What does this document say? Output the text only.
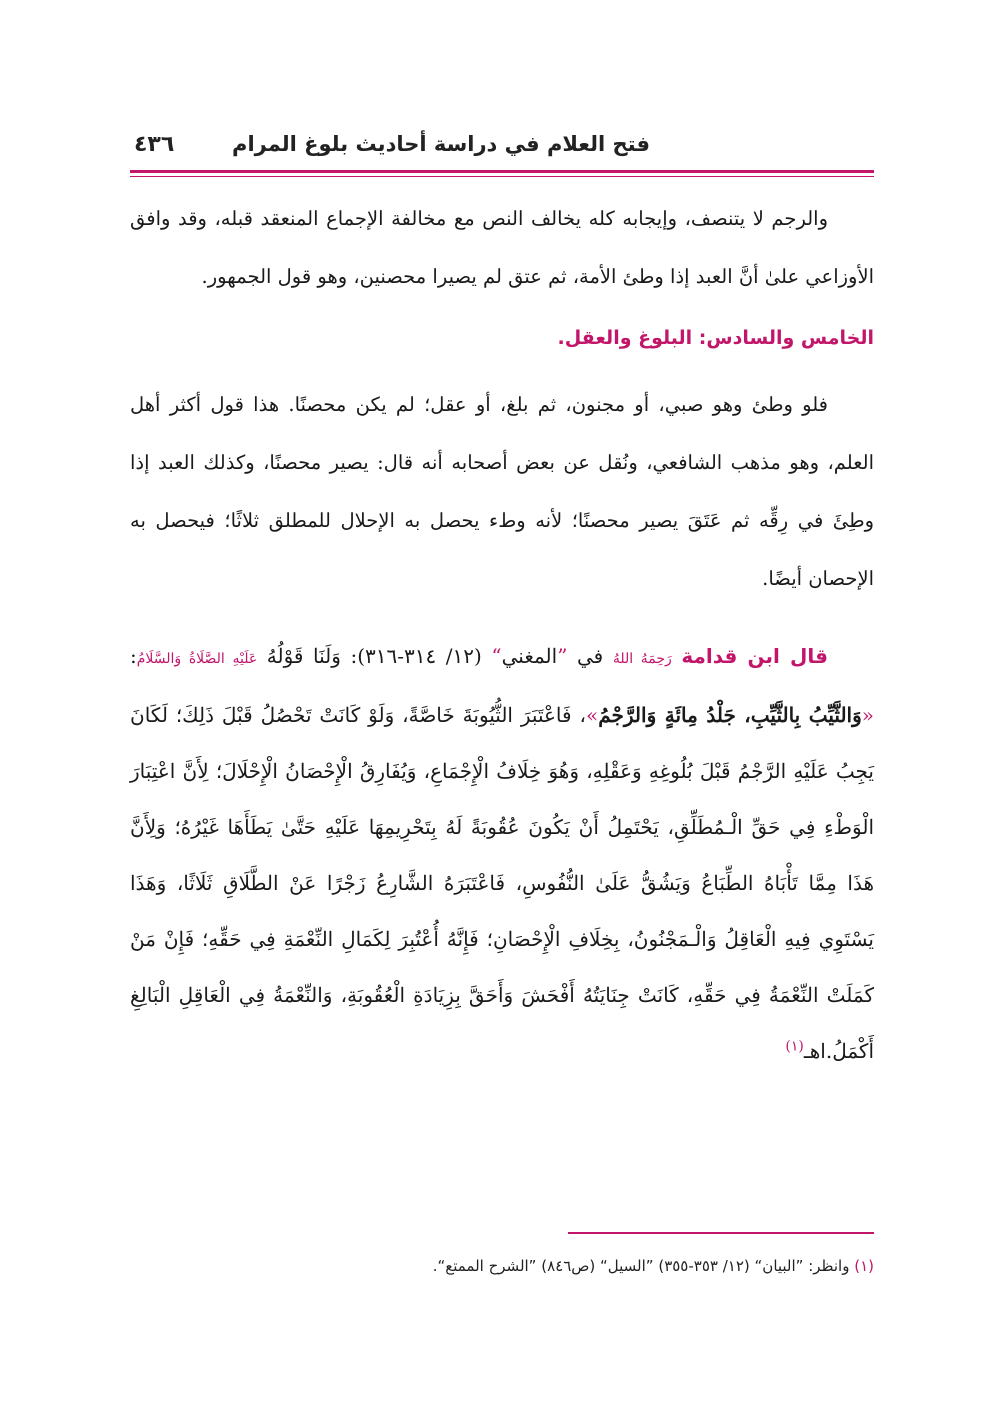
فتح العلام في دراسة أحاديث بلوغ المرام
٤٣٦

والرجم لا يتنصف، وإيجابه كله يخالف النص مع مخالفة الإجماع المنعقد قبله، وقد وافق الأوزاعي علىٰ أنَّ العبد إذا وطئ الأمة، ثم عتق لم يصيرا محصنين، وهو قول الجمهور.

الخامس والسادس: البلوغ والعقل.

فلو وطئ وهو صبي، أو مجنون، ثم بلغ، أو عقل؛ لم يكن محصنًا. هذا قول أكثر أهل العلم، وهو مذهب الشافعي، ونُقل عن بعض أصحابه أنه قال: يصير محصنًا، وكذلك العبد إذا وطِئَ في رِقِّه ثم عَتَقَ يصير محصنًا؛ لأنه وطء يحصل به الإحلال للمطلق ثلاثًا؛ فيحصل به الإحصان أيضًا.

قال ابن قدامة رَحِمَهُ اللهُ في ”المغني“ (١٢/ ٣١٤-٣١٦): وَلَنَا قَوْلُهُ عَلَيْهِ الصَّلَاةُ وَالسَّلَامُ: «وَالثَّيِّبُ بِالثَّيِّبِ، جَلْدُ مِائَةٍ وَالرَّجْمُ»، فَاعْتَبَرَ الثُّيُوبَةَ خَاصَّةً، وَلَوْ كَانَتْ تَحْصُلُ قَبْلَ ذَلِكَ؛ لَكَانَ يَجِبُ عَلَيْهِ الرَّجْمُ قَبْلَ بُلُوغِهِ وَعَقْلِهِ، وَهُوَ خِلَافُ الْإِجْمَاعِ، وَيُفَارِقُ الْإِحْصَانُ الْإِحْلَالَ؛ لِأَنَّ اعْتِبَارَ الْوَطْءِ فِي حَقِّ الْـمُطَلِّقِ، يَحْتَمِلُ أَنْ يَكُونَ عُقُوبَةً لَهُ بِتَحْرِيمِهَا عَلَيْهِ حَتَّىٰ يَطَأَهَا غَيْرُهُ؛ وَلِأَنَّ هَذَا مِمَّا تَأْبَاهُ الطِّبَاعُ وَيَشُقُّ عَلَىٰ النُّفُوسِ، فَاعْتَبَرَهُ الشَّارِعُ زَجْرًا عَنْ الطَّلَاقِ ثَلَاثًا، وَهَذَا يَسْتَوِي فِيهِ الْعَاقِلُ وَالْـمَجْنُونُ، بِخِلَافِ الْإِحْصَانِ؛ فَإِنَّهُ أُعْتُبِرَ لِكَمَالِ النِّعْمَةِ فِي حَقِّهِ؛ فَإِنْ مَنْ كَمَلَتْ النِّعْمَةُ فِي حَقِّهِ، كَانَتْ جِنَايَتُهُ أَفْحَشَ وَأَحَقَّ بِزِيَادَةِ الْعُقُوبَةِ، وَالنِّعْمَةُ فِي الْعَاقِلِ الْبَالِغِ أَكْمَلُ.اهـ$^{(١)}$

(١) وانظر: ”البيان“ (١٢/ ٣٥٣-٣٥٥) ”السيل“ (ص٨٤٦) ”الشرح الممتع“.
